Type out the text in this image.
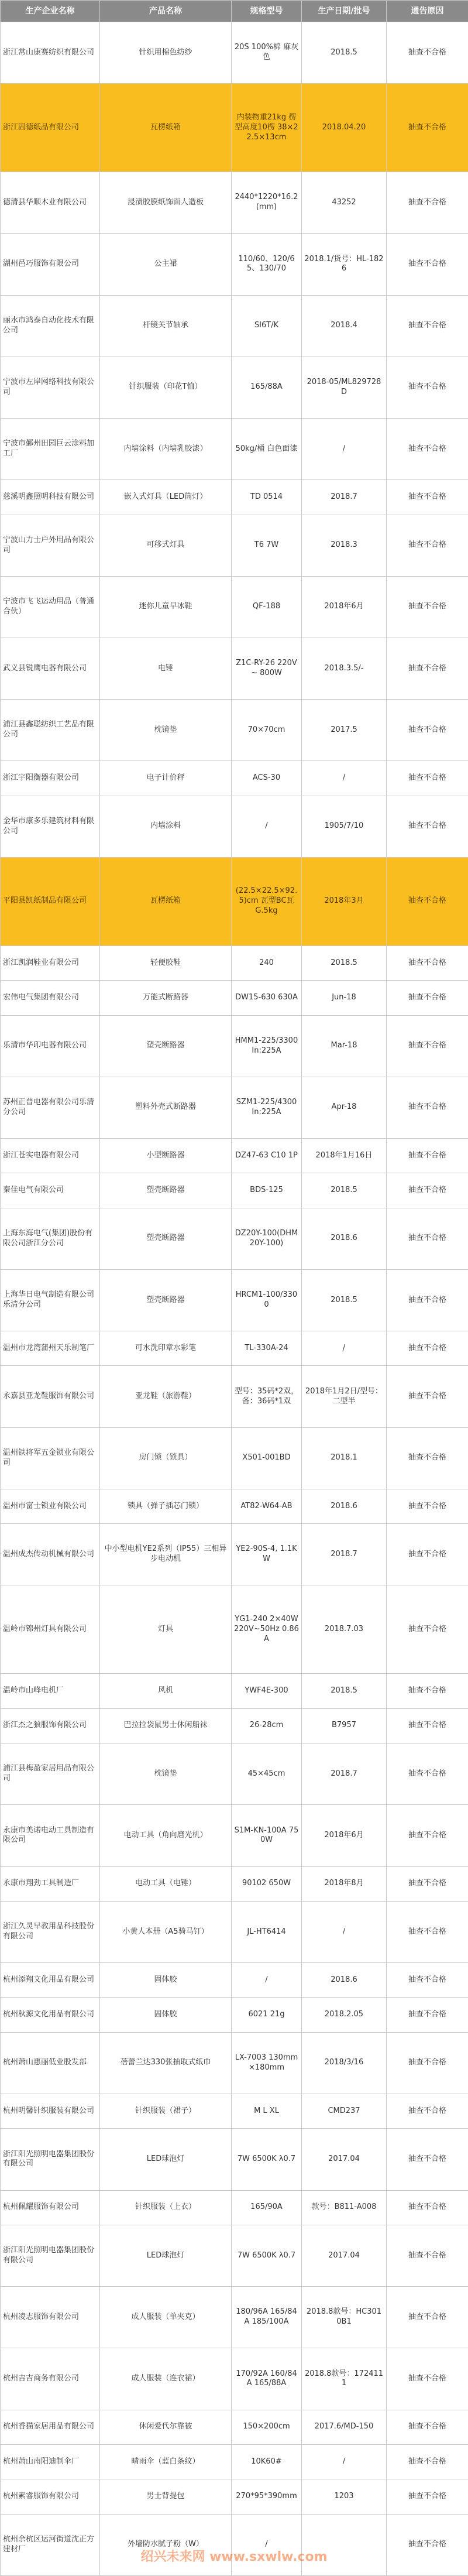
生产企业名称	产品名称	规格型号	生产日期/批号	通告原因
浙江常山康赛纺织有限公司	针织用棉色纺纱	20S 100%棉 麻灰色	2018.5	抽查不合格
浙江固德纸品有限公司	瓦楞纸箱	内装物重21kg 楞型高度10楞 38×22.5×13cm	2018.04.20	抽查不合格
德清县华顺木业有限公司	浸渍胶膜纸饰面人造板	2440*1220*16.2(mm)	43252	抽查不合格
湖州邑巧服饰有限公司	公主裙	110/60、120/65、130/70	2018.1/货号：HL-1826	抽查不合格
丽水市鸿泰自动化技术有限公司	杆镜关节轴承	SI6T/K	2018.4	抽查不合格
宁波市左岸网络科技有限公司	针织服装（印花T恤）	165/88A	2018-05/ML829728D	抽查不合格
宁波市鄞州田园巨云涂料加工厂	内墙涂料（内墙乳胶漆）	50kg/桶 白色面漆	/	抽查不合格
慈溪明鑫照明科技有限公司	嵌入式灯具（LED筒灯）	TD 0514	2018.7	抽查不合格
宁波山力士户外用品有限公司	可移式灯具	T6 7W	2018.3	抽查不合格
宁波市飞飞运动用品（普通合伙）	迷你儿童早冰鞋	QF-188	2018年6月	抽查不合格
武义县锐鹰电器有限公司	电锤	Z1C-RY-26 220V~ 800W	2018.3.5/-	抽查不合格
浦江县鑫聪纺织工艺品有限公司	枕镜垫	70×70cm	2017.5	抽查不合格
浙江宇阳衡器有限公司	电子计价秤	ACS-30	/	抽查不合格
金华市康多乐建筑材料有限公司	内墙涂料	/	1905/7/10	抽查不合格
平阳县凯纸制品有限公司	瓦楞纸箱	(22.5×22.5×92.5)cm 瓦型BC瓦 G.5kg	2018年3月	抽查不合格
浙江凯润鞋业有限公司	轻便胶鞋	240	2018.5	抽查不合格
宏伟电气集团有限公司	万能式断路器	DW15-630 630A	Jun-18	抽查不合格
乐清市华印电器有限公司	塑壳断路器	HMM1-225/3300 In:225A	Mar-18	抽查不合格
苏州正普电器有限公司乐清分公司	塑料外壳式断路器	SZM1-225/4300 In:225A	Apr-18	抽查不合格
浙江苍实电器有限公司	小型断路器	DZ47-63 C10 1P	2018年1月16日	抽查不合格
秦佳电气有限公司	塑壳断路器	BDS-125	2018.5	抽查不合格
上海东海电气(集团)股份有限公司浙江分公司	塑壳断路器	DZ20Y-100(DHM20Y-100)	2018.6	抽查不合格
上海华日电气制造有限公司乐清分公司	塑壳断路器	HRCM1-100/330 0	2018.5	抽查不合格
温州市龙湾蒲州天乐制笔厂	可水洗印章水彩笔	TL-330A-24	/	抽查不合格
永嘉县亚龙鞋服饰有限公司	亚龙鞋（旅游鞋）	型号：35码*2双，备：36码*1双	2018年1月2日/型号：二型半	抽查不合格
温州铁将军五金锁业有限公司	房门锁（锁具）	X501-001BD	2018.1	抽查不合格
温州市富士锁业有限公司	锁具（弹子插芯门锁）	AT82-W64-AB	2018.6	抽查不合格
温州成杰传动机械有限公司	中小型电机YE2系列（IP55）三相异步电动机	YE2-90S-4, 1.1KW	2018.7	抽查不合格
温岭市锦州灯具有限公司	灯具	YG1-240 2×40W 220V~50Hz 0.86A	2018.7.03	抽查不合格
温岭市山峰电机厂	风机	YWF4E-300	2018.5	抽查不合格
浙江杰之狼服饰有限公司	巴拉拉袋鼠男士休闲船袜	26-28cm	B7957	抽查不合格
浦江县梅盈家居用品有限公司	枕镜垫	45×45cm	2018.7	抽查不合格
永康市美诺电动工具制造有限公司	电动工具（角向磨光机）	S1M-KN-100A 750W	2018年6月	抽查不合格
永康市翔劲工具制造厂	电动工具（电锤）	90102 650W	2018年8月	抽查不合格
浙江久灵早教用品科技股份有限公司	小黄人本册（A5骑马钉）	JL-HT6414	/	抽查不合格
杭州添翔文化用品有限公司	固体胶	/	2018.6	抽查不合格
杭州秋源文化用品有限公司	固体胶	6021 21g	2018.2.05	抽查不合格
杭州萧山惠丽低业股发部	蓓蕾兰达330张抽取式纸巾	LX-7003 130mm×180mm	2018/3/16	抽查不合格
杭州明馨针织服装有限公司	针织服装（裙子）	M L XL	CMD237	抽查不合格
浙江阳光照明电器集团股份有限公司	LED球泡灯	7W 6500K λ0.7	2017.04	抽查不合格
杭州佩耀服饰有限公司	针织服装（上衣）	165/90A	款号：B811-A008	抽查不合格
浙江阳光照明电器集团股份有限公司	LED球泡灯	7W 6500K λ0.7	2017.04	抽查不合格
杭州凌志服饰有限公司	成人服装（单夹克）	180/96A 165/84A 185/100A	2018.8款号：HC3010B1	抽查不合格
杭州吉吉商务有限公司	成人服装（连衣裙）	170/92A 160/84A 165/88A	2018.8款号：1724111	抽查不合格
杭州香猫家居用品有限公司	休闲爱代尔靠被	150×200cm	2017.6/MD-150	抽查不合格
杭州萧山南阳迪制伞厂	晴雨伞（蓝白条纹）	10K60#	/	抽查不合格
杭州素睿服饰有限公司	男士背提包	270*95*390mm	1203	抽查不合格
杭州余杭区运河街道沈正方建材厂	外墙防水腻子粉（W）	/		抽查不合格
绍兴未来网 www.sxwlw.com
